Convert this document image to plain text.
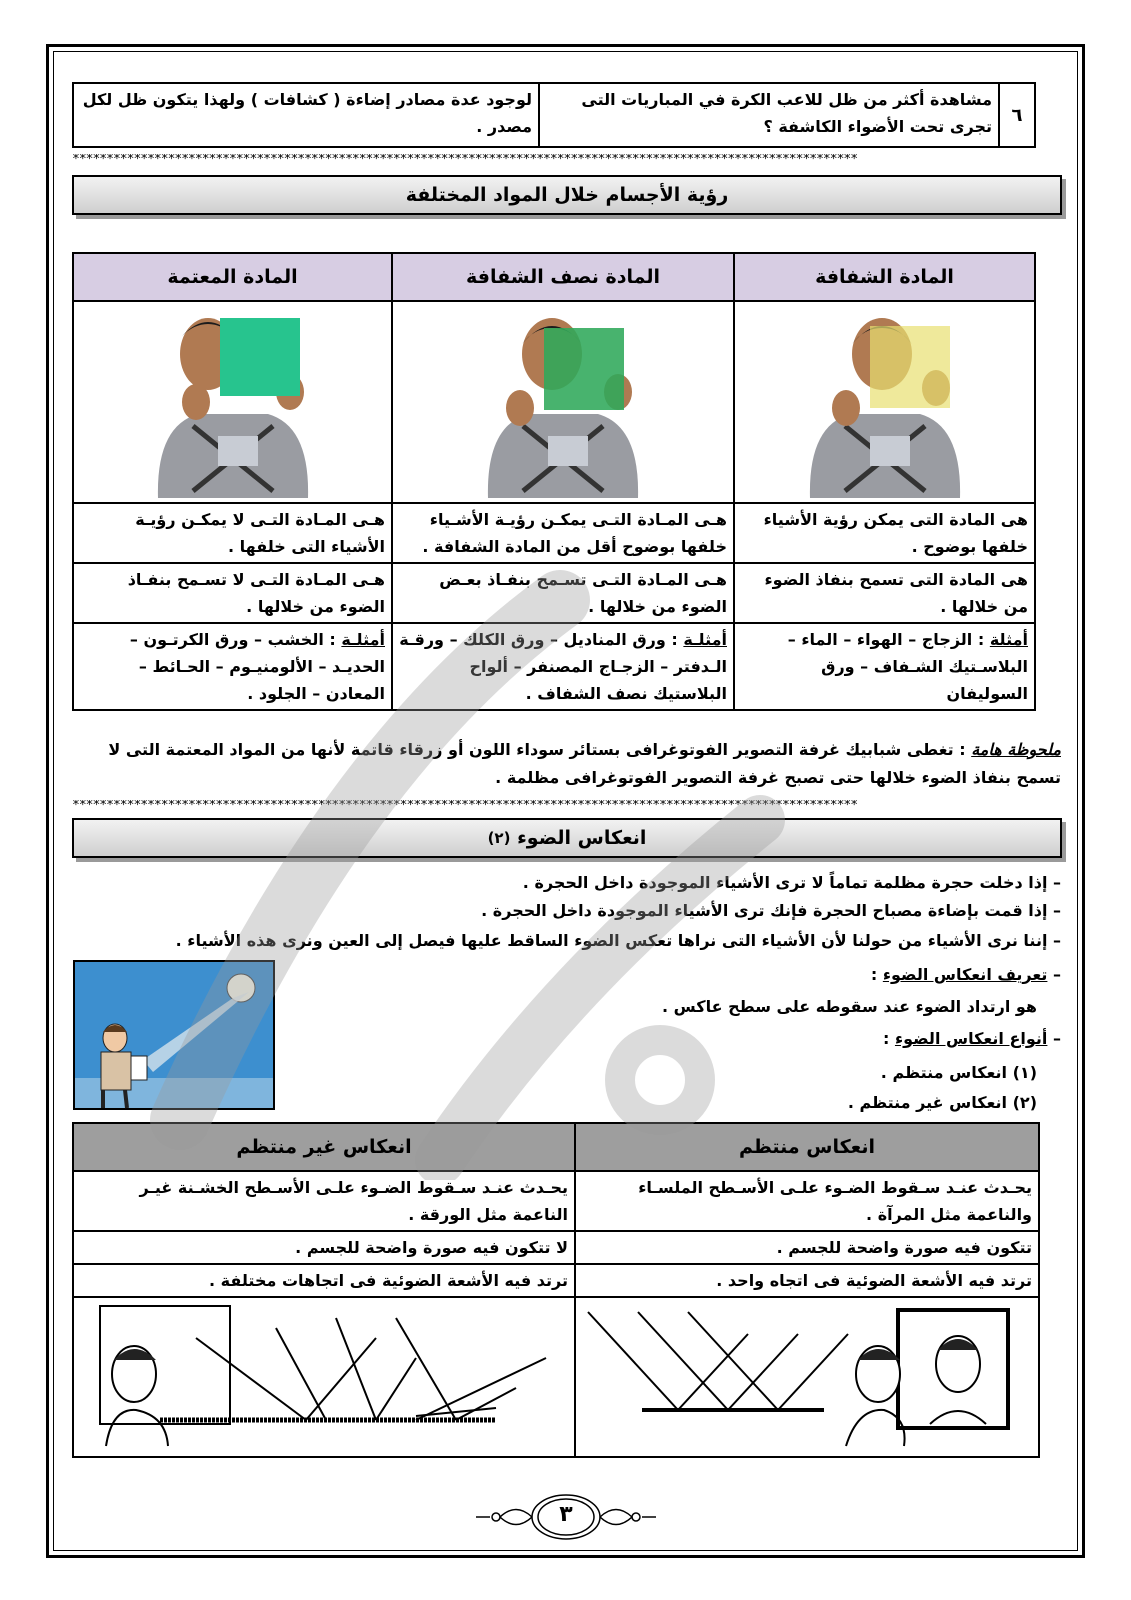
٦	مشاهدة أكثر من ظل للاعب الكرة في المباريات التى تجرى تحت الأضواء الكاشفة ؟	لوجود عدة مصادر إضاءة ( كشافات ) ولهذا يتكون ظل لكل مصدر .
*******************************************************************************************************************
رؤية الأجسام خلال المواد المختلفة
المادة الشفافة	المادة نصف الشفافة	المادة المعتمة

هى المادة التى يمكن رؤية الأشياء خلفها بوضوح .	هـى المـادة التـى يمكـن رؤيـة الأشـياء خلفها بوضوح أقل من المادة الشفافة .	هـى المـادة التـى لا يمكـن رؤيـة الأشياء التى خلفها .
هى المادة التى تسمح بنفاذ الضوء من خلالها .	هـى المـادة التـى تسـمح بنفـاذ بعـض الضوء من خلالها .	هـى المـادة التـى لا تسـمح بنفـاذ الضوء من خلالها .
أمثلة : الزجاج – الهواء – الماء – البلاسـتيك الشـفاف – ورق السوليفان	أمثلـة : ورق المناديل – ورق الكلك – ورقـة الـدفتر – الزجـاج المصنفر – ألواح البلاستيك نصف الشفاف .	أمثلـة : الخشب – ورق الكرتـون – الحديـد – الألومنيـوم – الحـائط – المعادن – الجلود .
ملحوظة هامة : تغطى شبابيك غرفة التصوير الفوتوغرافى بستائر سوداء اللون أو زرقاء قاتمة لأنها من المواد المعتمة التى لا تسمح بنفاذ الضوء خلالها حتى تصبح غرفة التصوير الفوتوغرافى مظلمة .
*******************************************************************************************************************
انعكاس الضوء

(٢)
– إذا دخلت حجرة مظلمة تماماً لا ترى الأشياء الموجودة داخل الحجرة .
– إذا قمت بإضاءة مصباح الحجرة فإنك ترى الأشياء الموجودة داخل الحجرة .
– إننا نرى الأشياء من حولنا لأن الأشياء التى نراها تعكس الضوء الساقط عليها فيصل إلى العين ونرى هذه الأشياء .
– تعريف انعكاس الضوء :
هو ارتداد الضوء عند سقوطه على سطح عاكس .
– أنواع انعكاس الضوء :
(١) انعكاس منتظم .
(٢) انعكاس غير منتظم .
انعكاس منتظم	انعكاس غير منتظم
يحـدث عنـد سـقوط الضـوء علـى الأسـطح الملسـاء والناعمة مثل المرآة .	يحـدث عنـد سـقوط الضـوء علـى الأسـطح الخشـنة غيـر الناعمة مثل الورقة .
تتكون فيه صورة واضحة للجسم .	لا تتكون فيه صورة واضحة للجسم .
ترتد فيه الأشعة الضوئية فى اتجاه واحد .	ترتد فيه الأشعة الضوئية فى اتجاهات مختلفة .

٣
